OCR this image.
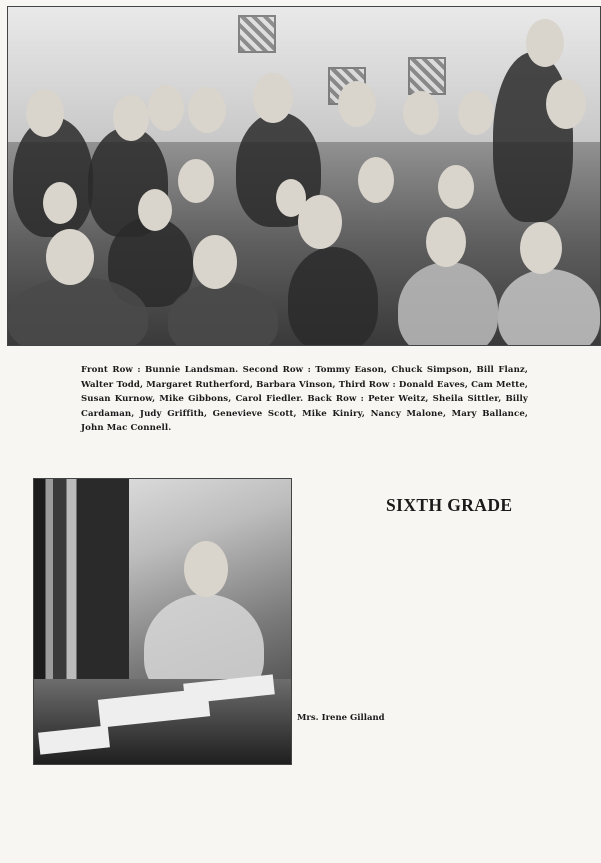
Front Row : Bunnie Landsman. Second Row : Tommy Eason, Chuck Simpson, Bill Flanz, Walter Todd, Margaret Rutherford, Barbara Vinson, Third Row : Donald Eaves, Cam Mette, Susan Kurnow, Mike Gibbons, Carol Fiedler. Back Row : Peter Weitz, Sheila Sittler, Billy Cardaman, Judy Griffith, Genevieve Scott, Mike Kiniry, Nancy Malone, Mary Ballance, John Mac Connell.

SIXTH GRADE

Mrs. Irene Gilland
